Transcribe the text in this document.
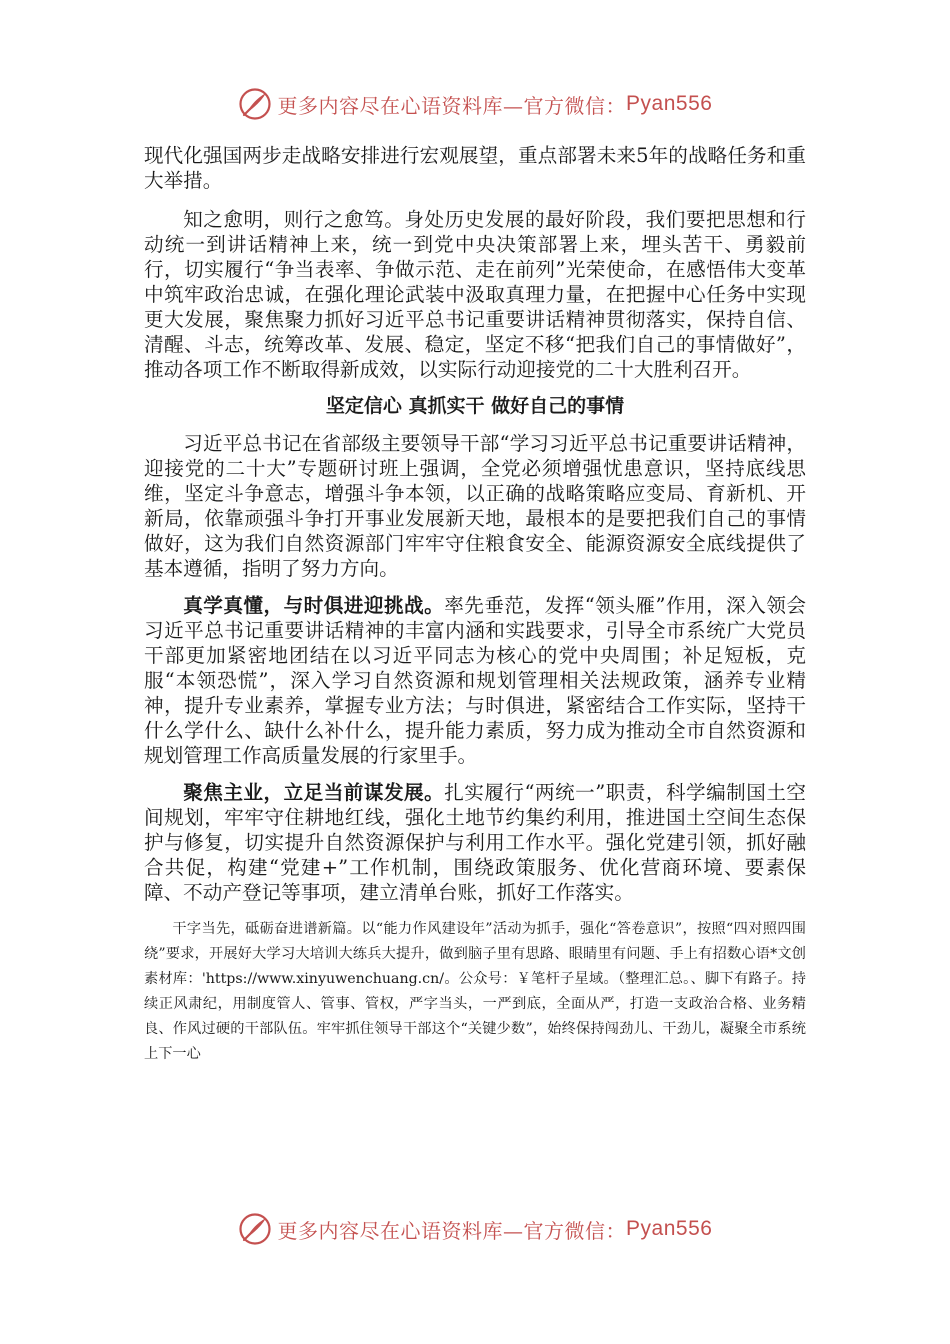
更多内容尽在心语资料库—官方微信： Pyan556

现代化强国两步走战略安排进行宏观展望，重点部署未来5年的战略任务和重大举措。

知之愈明，则行之愈笃。身处历史发展的最好阶段，我们要把思想和行动统一到讲话精神上来，统一到党中央决策部署上来，埋头苦干、勇毅前行，切实履行“争当表率、争做示范、走在前列”光荣使命，在感悟伟大变革中筑牢政治忠诚，在强化理论武装中汲取真理力量，在把握中心任务中实现更大发展，聚焦聚力抓好习近平总书记重要讲话精神贯彻落实，保持自信、清醒、斗志，统筹改革、发展、稳定，坚定不移“把我们自己的事情做好”，推动各项工作不断取得新成效，以实际行动迎接党的二十大胜利召开。

坚定信心 真抓实干 做好自己的事情

习近平总书记在省部级主要领导干部“学习习近平总书记重要讲话精神，迎接党的二十大”专题研讨班上强调，全党必须增强忧患意识，坚持底线思维，坚定斗争意志，增强斗争本领，以正确的战略策略应变局、育新机、开新局，依靠顽强斗争打开事业发展新天地，最根本的是要把我们自己的事情做好，这为我们自然资源部门牢牢守住粮食安全、能源资源安全底线提供了基本遵循，指明了努力方向。

真学真懂，与时俱进迎挑战。率先垂范，发挥“领头雁”作用，深入领会习近平总书记重要讲话精神的丰富内涵和实践要求，引导全市系统广大党员干部更加紧密地团结在以习近平同志为核心的党中央周围；补足短板，克服“本领恐慌”，深入学习自然资源和规划管理相关法规政策，涵养专业精神，提升专业素养，掌握专业方法；与时俱进，紧密结合工作实际，坚持干什么学什么、缺什么补什么，提升能力素质，努力成为推动全市自然资源和规划管理工作高质量发展的行家里手。

聚焦主业，立足当前谋发展。扎实履行“两统一”职责，科学编制国土空间规划，牢牢守住耕地红线，强化土地节约集约利用，推进国土空间生态保护与修复，切实提升自然资源保护与利用工作水平。强化党建引领，抓好融合共促，构建“党建+”工作机制，围绕政策服务、优化营商环境、要素保障、不动产登记等事项，建立清单台账，抓好工作落实。

干字当先，砥砺奋进谱新篇。以“能力作风建设年”活动为抓手，强化“答卷意识”，按照“四对照四围绕”要求，开展好大学习大培训大练兵大提升，做到脑子里有思路、眼睛里有问题、手上有招数心语*文创素材库：'https://www.xinyuwenchuang.cn/。公众号：￥笔杆子星域。（整理汇总。、脚下有路子。持续正风肃纪，用制度管人、管事、管权，严字当头，一严到底，全面从严，打造一支政治合格、业务精良、作风过硬的干部队伍。牢牢抓住领导干部这个“关键少数”，始终保持闯劲儿、干劲儿，凝聚全市系统上下一心

更多内容尽在心语资料库—官方微信： Pyan556
